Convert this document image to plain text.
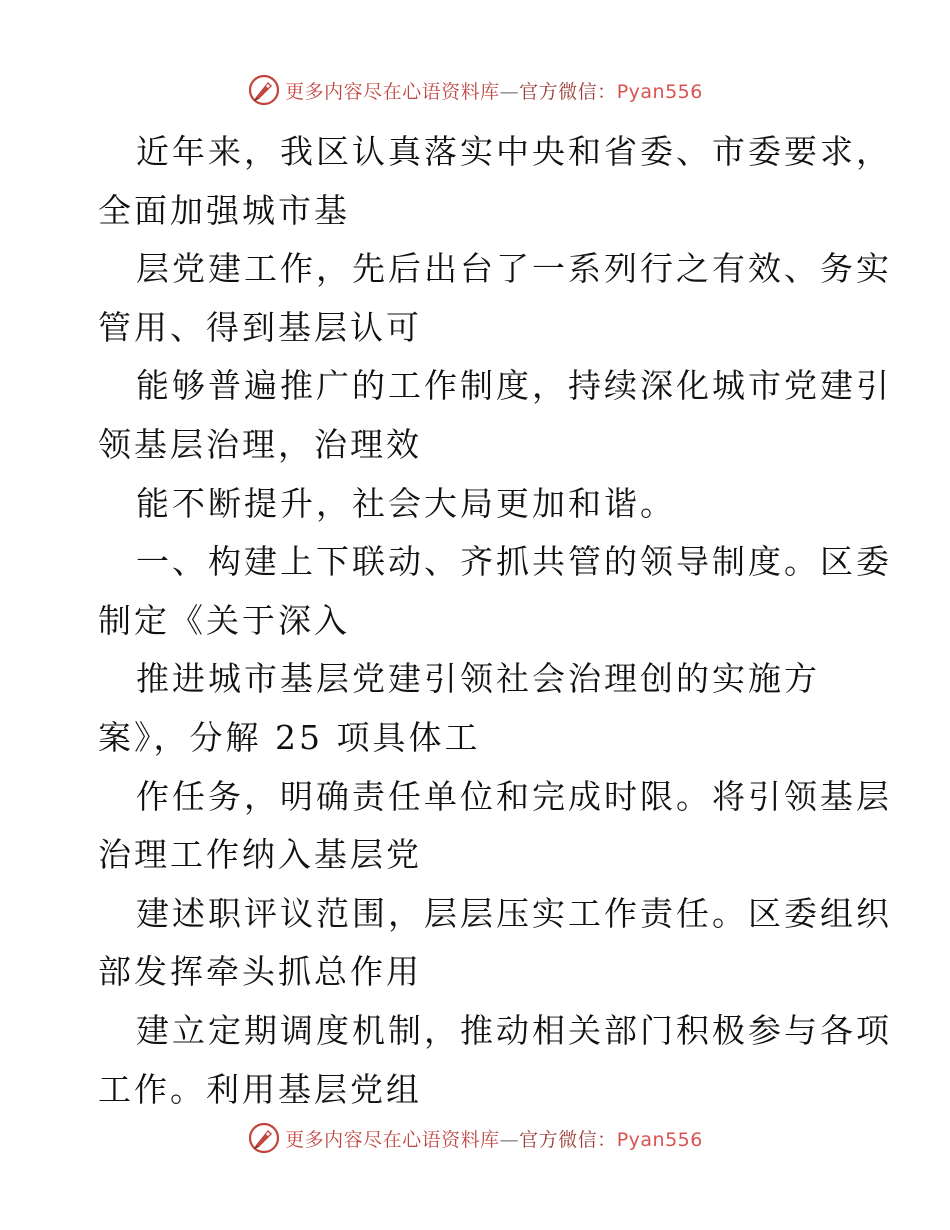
更多内容尽在心语资料库—官方微信：Pyan556
近年来，我区认真落实中央和省委、市委要求，
全面加强城市基
层党建工作，先后出台了一系列行之有效、务实
管用、得到基层认可
能够普遍推广的工作制度，持续深化城市党建引
领基层治理，治理效
能不断提升，社会大局更加和谐。
一、构建上下联动、齐抓共管的领导制度。区委
制定《关于深入
推进城市基层党建引领社会治理创的实施方
案》，分解 25 项具体工
作任务，明确责任单位和完成时限。将引领基层
治理工作纳入基层党
建述职评议范围，层层压实工作责任。区委组织
部发挥牵头抓总作用
建立定期调度机制，推动相关部门积极参与各项
工作。利用基层党组
更多内容尽在心语资料库—官方微信：Pyan556
